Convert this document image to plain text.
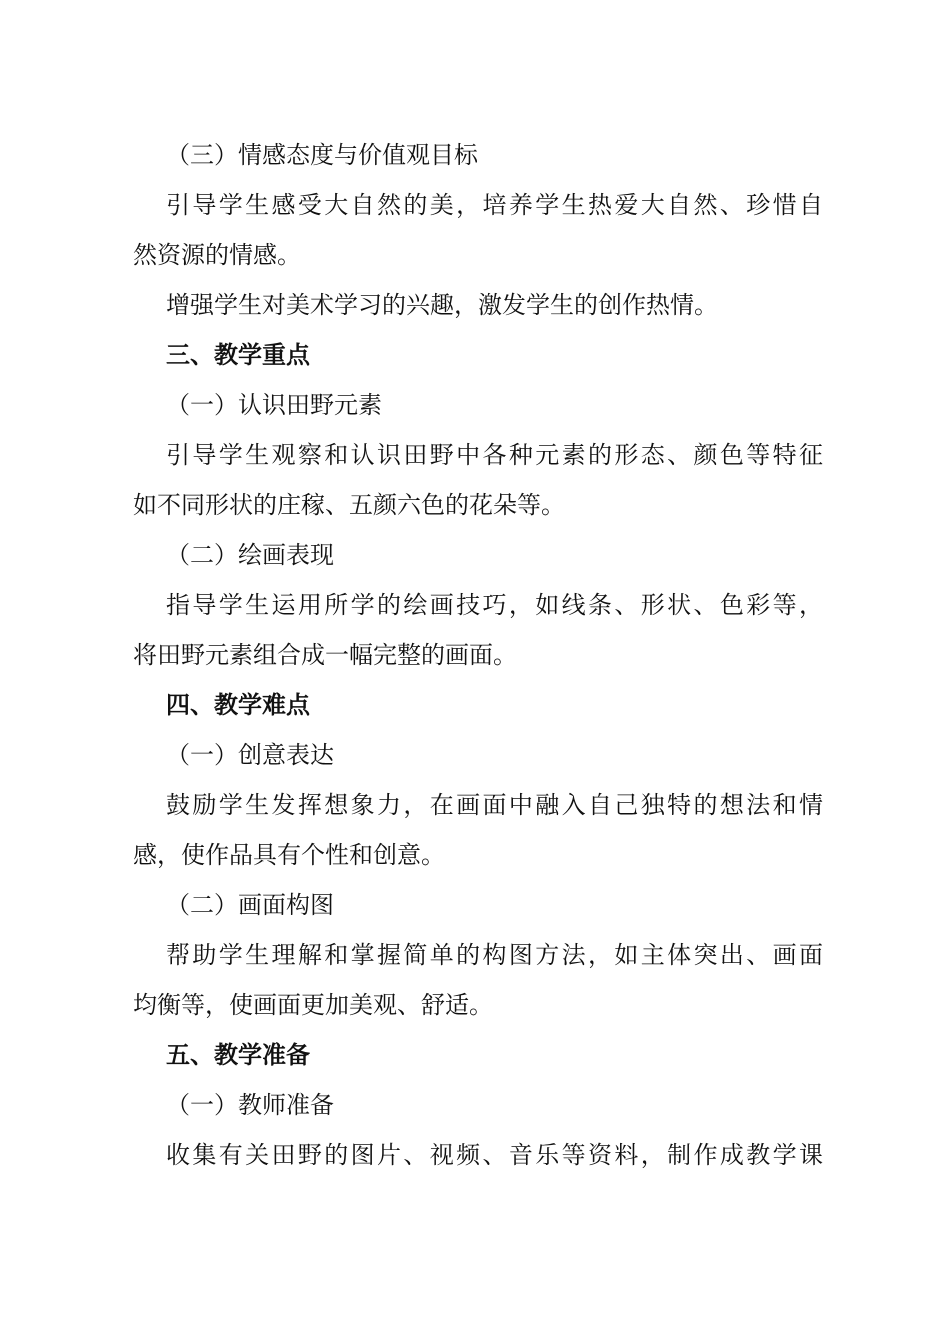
（三）情感态度与价值观目标

引导学生感受大自然的美，培养学生热爱大自然、珍惜自

然资源的情感。

增强学生对美术学习的兴趣，激发学生的创作热情。

三、教学重点

（一）认识田野元素

引导学生观察和认识田野中各种元素的形态、颜色等特征

如不同形状的庄稼、五颜六色的花朵等。

（二）绘画表现

指导学生运用所学的绘画技巧，如线条、形状、色彩等，

将田野元素组合成一幅完整的画面。

四、教学难点

（一）创意表达

鼓励学生发挥想象力，在画面中融入自己独特的想法和情

感，使作品具有个性和创意。

（二）画面构图

帮助学生理解和掌握简单的构图方法，如主体突出、画面

均衡等，使画面更加美观、舒适。

五、教学准备

（一）教师准备

收集有关田野的图片、视频、音乐等资料，制作成教学课
